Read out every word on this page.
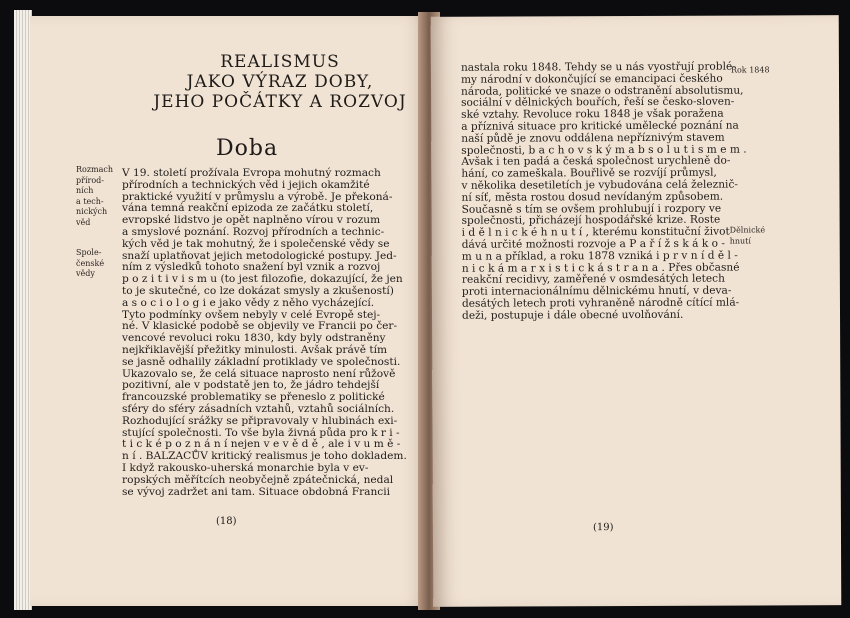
REALISMUS
JAKO VÝRAZ DOBY,
JEHO POČÁTKY A ROZVOJ
Doba
Rozmach
přírod-
ních
a tech-
nických
věd
Spole-
čenské
vědy
V 19. století prožívala Evropa mohutný rozmach
přírodních a technických věd i jejich okamžité
praktické využití v průmyslu a výrobě. Je překoná-
vána temná reakční epizoda ze začátku století,
evropské lidstvo je opět naplněno vírou v rozum
a smyslové poznání. Rozvoj přírodních a technic-
kých věd je tak mohutný, že i společenské vědy se
snaží uplatňovat jejich metodologické postupy. Jed-
ním z výsledků tohoto snažení byl vznik a rozvoj
p o z i t i v i s m u (to jest filozofie, dokazující, že jen
to je skutečné, co lze dokázat smysly a zkušeností)
a s o c i o l o g i e jako vědy z něho vycházející.
Tyto podmínky ovšem nebyly v celé Evropě stej-
né. V klasické podobě se objevily ve Francii po čer-
vencové revoluci roku 1830, kdy byly odstraněny
nejkřiklavější přežitky minulosti. Avšak právě tím
se jasně odhalily základní protiklady ve společnosti.
Ukazovalo se, že celá situace naprosto není růžově
pozitivní, ale v podstatě jen to, že jádro tehdejší
francouzské problematiky se přeneslo z politické
sféry do sféry zásadních vztahů, vztahů sociálních.
Rozhodující srážky se připravovaly v hlubinách exi-
stující společnosti. To vše byla živná půda pro k r i -
t i c k é p o z n á n í nejen v e v ě d ě , ale i v u m ě -
n í . BALZACŮV kritický realismus je toho dokladem.
I když rakousko-uherská monarchie byla v ev-
ropských měřítcích neobyčejně zpátečnická, nedal
se vývoj zadržet ani tam. Situace obdobná Francii
(18)
Rok 1848
Dělnické
hnutí
nastala roku 1848. Tehdy se u nás vyostřují problé-
my národní v dokončující se emancipaci českého
národa, politické ve snaze o odstranění absolutismu,
sociální v dělnických bouřích, řeší se česko-sloven-
ské vztahy. Revoluce roku 1848 je však poražena
a příznivá situace pro kritické umělecké poznání na
naší půdě je znovu oddálena nepříznivým stavem
společnosti, b a c h o v s k ý m a b s o l u t i s m e m .
Avšak i ten padá a česká společnost urychleně do-
hání, co zameškala. Bouřlivě se rozvíjí průmysl,
v několika desetiletích je vybudována celá železnič-
ní síť, města rostou dosud nevídaným způsobem.
Současně s tím se ovšem prohlubují i rozpory ve
společnosti, přicházejí hospodářské krize. Roste
i d ě l n i c k é h n u t í , kterému konstituční život
dává určité možnosti rozvoje a P a ř í ž s k á k o -
m u n a příklad, a roku 1878 vzniká i p r v n í d ě l -
n i c k á m a r x i s t i c k á s t r a n a . Přes občasné
reakční recidivy, zaměřené v osmdesátých letech
proti internacionálnímu dělnickému hnutí, v deva-
desátých letech proti vyhraněně národně cítící mlá-
deži, postupuje i dále obecné uvolňování.
(19)
